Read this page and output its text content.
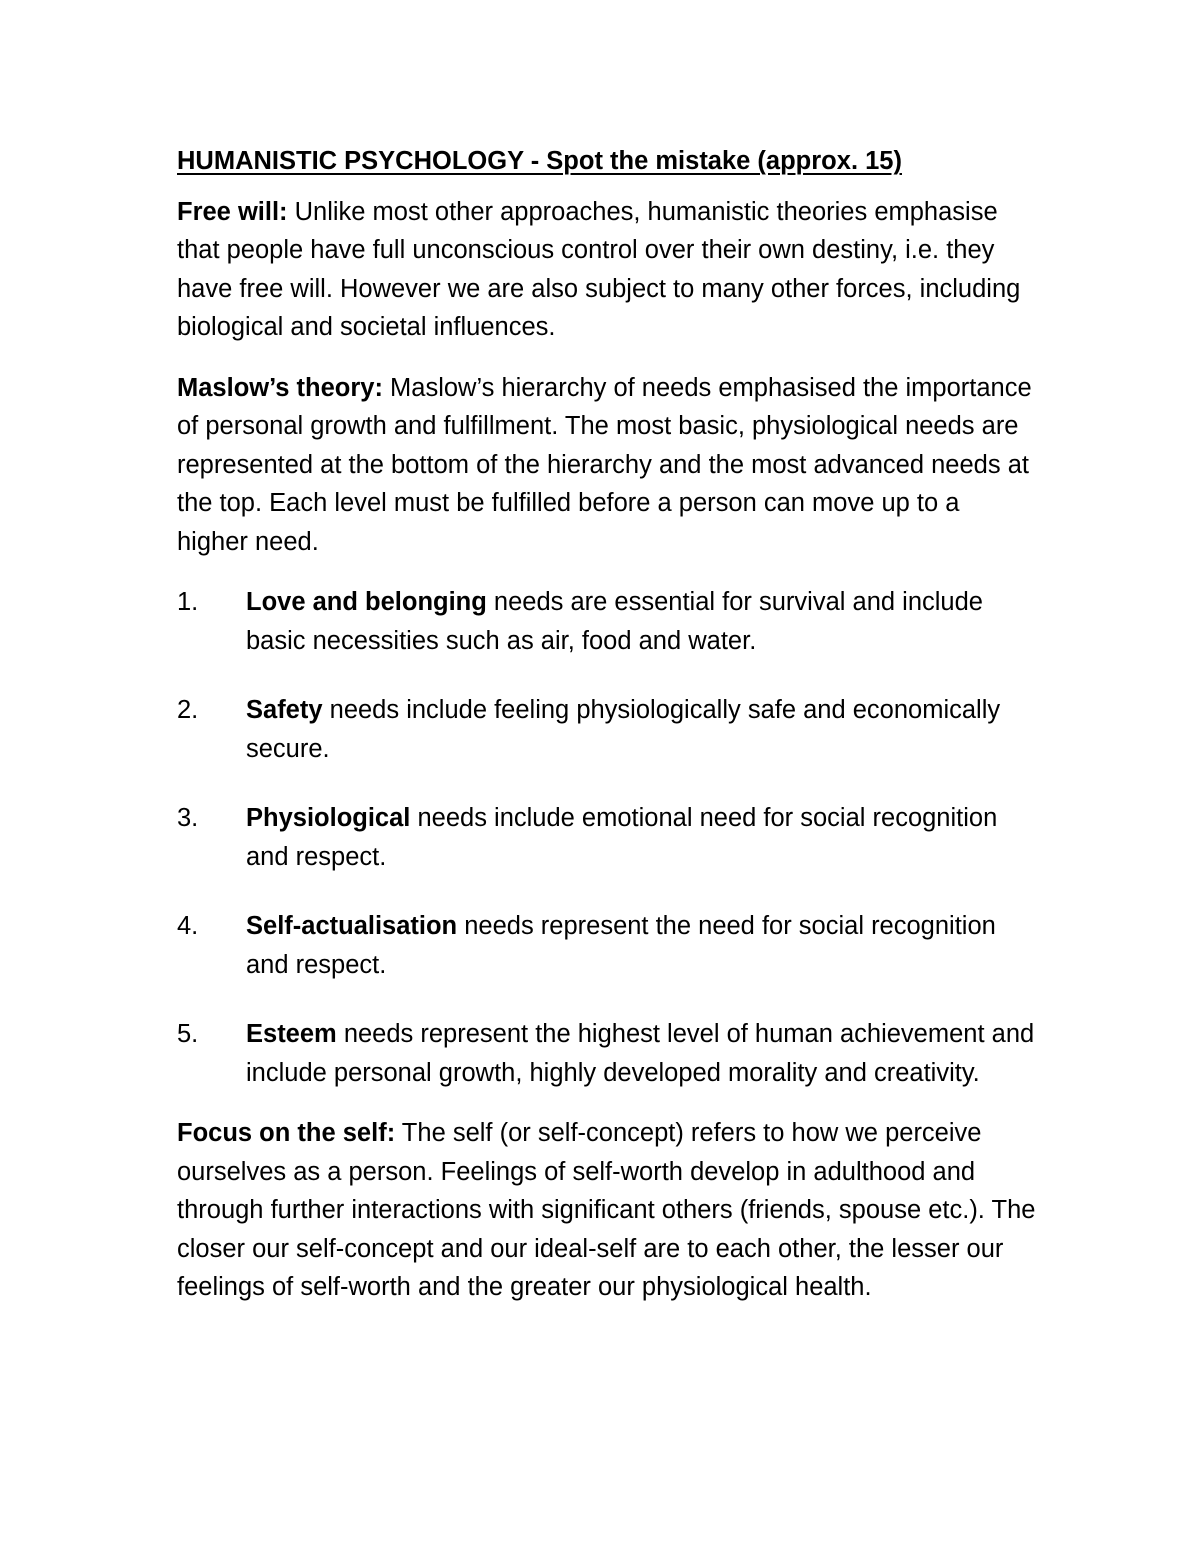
HUMANISTIC PSYCHOLOGY - Spot the mistake (approx. 15)

Free will: Unlike most other approaches, humanistic theories emphasise that people have full unconscious control over their own destiny, i.e. they have free will. However we are also subject to many other forces, including biological and societal influences.

Maslow’s theory: Maslow’s hierarchy of needs emphasised the importance of personal growth and fulfillment. The most basic, physiological needs are represented at the bottom of the hierarchy and the most advanced needs at the top. Each level must be fulfilled before a person can move up to a higher need.

1.	Love and belonging needs are essential for survival and include basic necessities such as air, food and water.
2.	Safety needs include feeling physiologically safe and economically secure.
3.	Physiological needs include emotional need for social recognition and respect.
4.	Self-actualisation needs represent the need for social recognition and respect.
5.	Esteem needs represent the highest level of human achievement and include personal growth, highly developed morality and creativity.

Focus on the self: The self (or self-concept) refers to how we perceive ourselves as a person. Feelings of self-worth develop in adulthood and through further interactions with significant others (friends, spouse etc.). The closer our self-concept and our ideal-self are to each other, the lesser our feelings of self-worth and the greater our physiological health.
